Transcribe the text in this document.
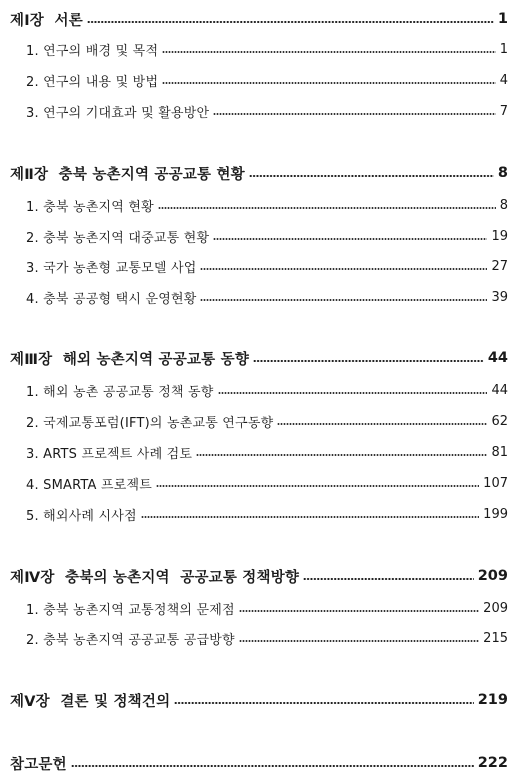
제Ⅰ장  서론	1
1. 연구의 배경 및 목적	1
2. 연구의 내용 및 방법	4
3. 연구의 기대효과 및 활용방안	7
제Ⅱ장  충북 농촌지역 공공교통 현황	8
1. 충북 농촌지역 현황	8
2. 충북 농촌지역 대중교통 현황	19
3. 국가 농촌형 교통모델 사업	27
4. 충북 공공형 택시 운영현황	39
제Ⅲ장  해외 농촌지역 공공교통 동향	44
1. 해외 농촌 공공교통 정책 동향	44
2. 국제교통포럼(IFT)의 농촌교통 연구동향	62
3. ARTS 프로젝트 사례 검토	81
4. SMARTA 프로젝트	107
5. 해외사례 시사점	199
제Ⅳ장  충북의 농촌지역  공공교통 정책방향	209
1. 충북 농촌지역 교통정책의 문제점	209
2. 충북 농촌지역 공공교통 공급방향	215
제Ⅴ장  결론 및 정책건의	219
참고문헌	222
